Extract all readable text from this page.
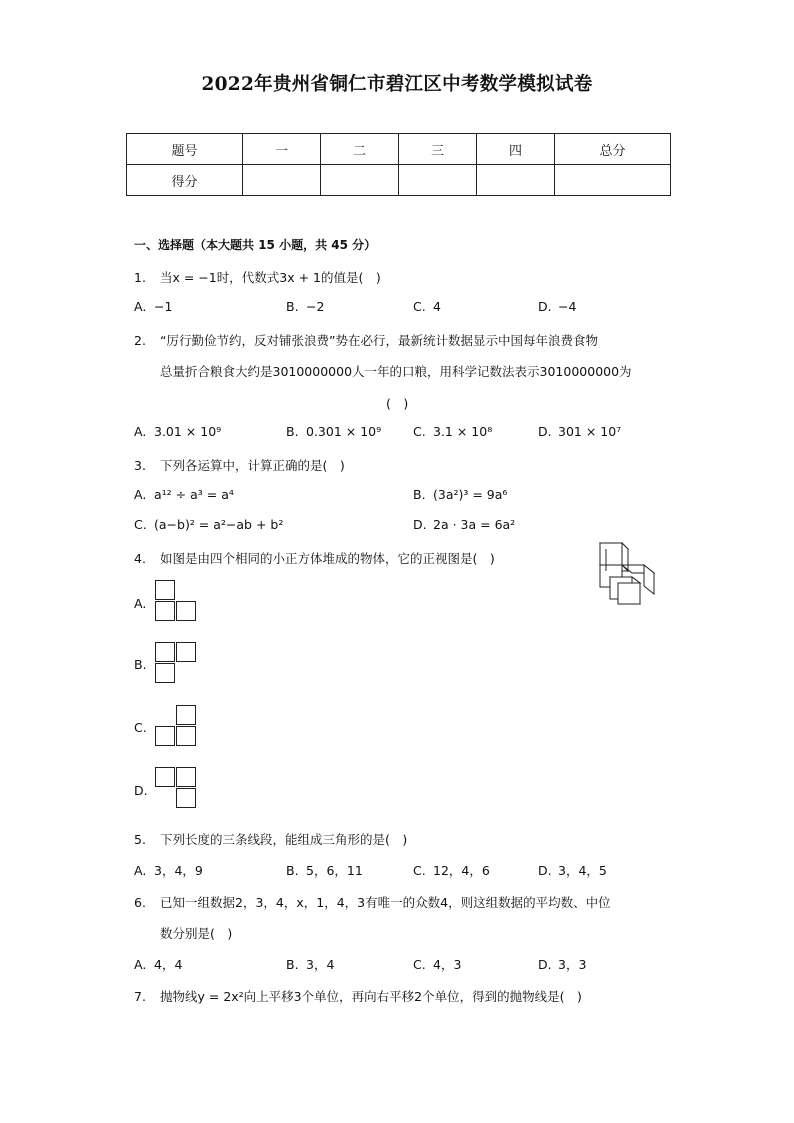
2022年贵州省铜仁市碧江区中考数学模拟试卷
题号	一	二	三	四	总分
得分					
一、选择题（本大题共 15 小题，共 45 分）
1. 当x = −1时，代数式3x + 1的值是(　)
A. −1	B. −2	C. 4	D. −4
2. “厉行勤俭节约，反对铺张浪费”势在必行，最新统计数据显示中国每年浪费食物
总量折合粮食大约是3010000000人一年的口粮，用科学记数法表示3010000000为
(　)
A. 3.01 × 10⁹	B. 0.301 × 10⁹	C. 3.1 × 10⁸	D. 301 × 10⁷
3. 下列各运算中，计算正确的是(　)
A. a¹² ÷ a³ = a⁴	B. (3a²)³ = 9a⁶
C. (a−b)² = a²−ab + b²	D. 2a · 3a = 6a²
4. 如图是由四个相同的小正方体堆成的物体，它的正视图是(　)
A.
B.
C.
D.
5. 下列长度的三条线段，能组成三角形的是(　)
A. 3，4，9	B. 5，6，11	C. 12，4，6	D. 3，4，5
6. 已知一组数据2，3，4，x，1，4，3有唯一的众数4，则这组数据的平均数、中位
数分别是(　)
A. 4，4	B. 3，4	C. 4，3	D. 3，3
7. 抛物线y = 2x²向上平移3个单位，再向右平移2个单位，得到的抛物线是(　)
